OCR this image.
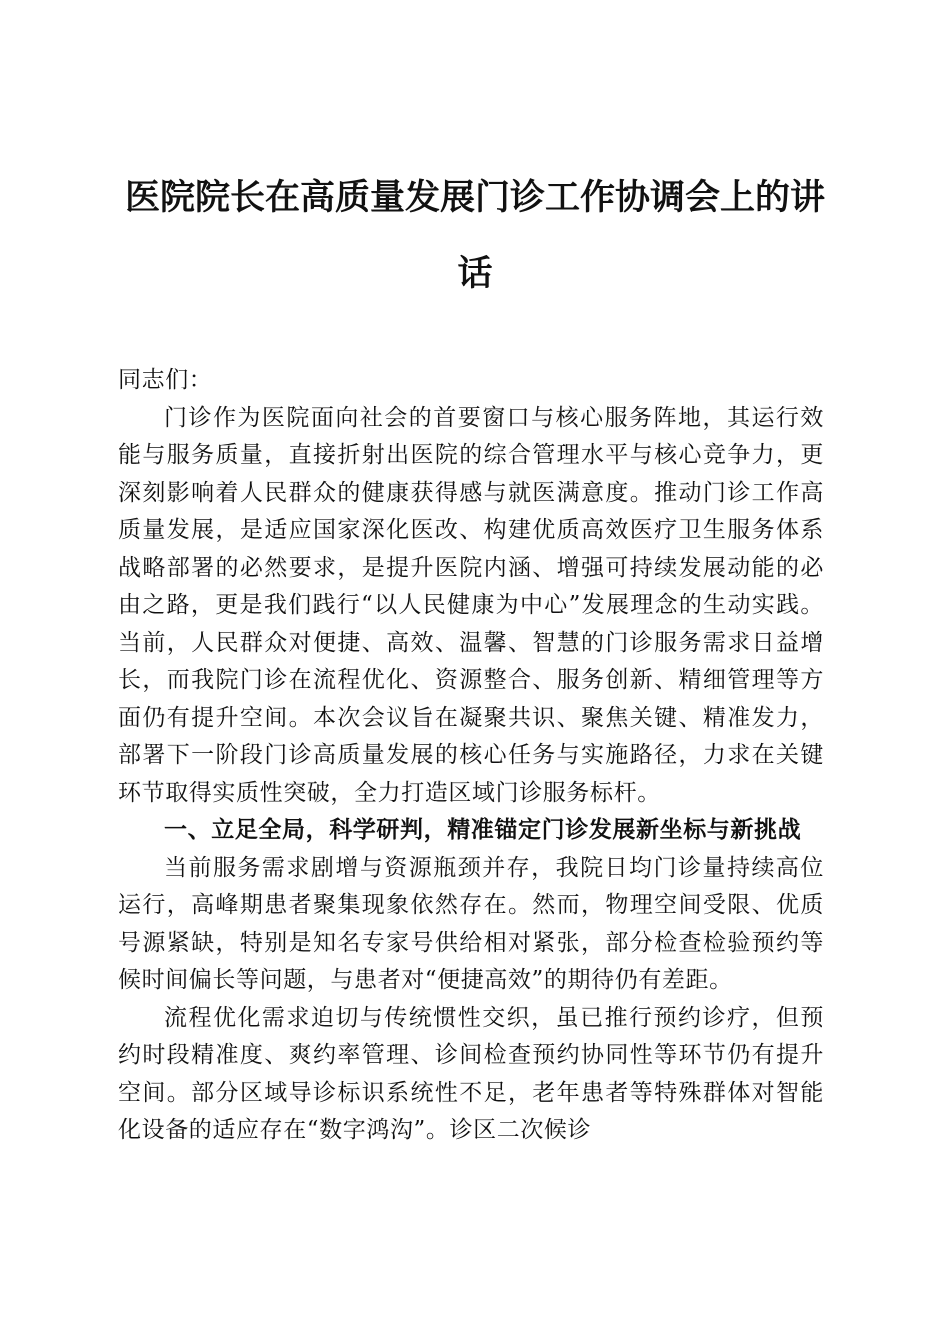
医院院长在高质量发展门诊工作协调会上的讲话

同志们：

门诊作为医院面向社会的首要窗口与核心服务阵地，其运行效能与服务质量，直接折射出医院的综合管理水平与核心竞争力，更深刻影响着人民群众的健康获得感与就医满意度。推动门诊工作高质量发展，是适应国家深化医改、构建优质高效医疗卫生服务体系战略部署的必然要求，是提升医院内涵、增强可持续发展动能的必由之路，更是我们践行“以人民健康为中心”发展理念的生动实践。当前，人民群众对便捷、高效、温馨、智慧的门诊服务需求日益增长，而我院门诊在流程优化、资源整合、服务创新、精细管理等方面仍有提升空间。本次会议旨在凝聚共识、聚焦关键、精准发力，部署下一阶段门诊高质量发展的核心任务与实施路径，力求在关键环节取得实质性突破，全力打造区域门诊服务标杆。

一、立足全局，科学研判，精准锚定门诊发展新坐标与新挑战

当前服务需求剧增与资源瓶颈并存，我院日均门诊量持续高位运行，高峰期患者聚集现象依然存在。然而，物理空间受限、优质号源紧缺，特别是知名专家号供给相对紧张，部分检查检验预约等候时间偏长等问题，与患者对“便捷高效”的期待仍有差距。

流程优化需求迫切与传统惯性交织，虽已推行预约诊疗，但预约时段精准度、爽约率管理、诊间检查预约协同性等环节仍有提升空间。部分区域导诊标识系统性不足，老年患者等特殊群体对智能化设备的适应存在“数字鸿沟”。诊区二次候诊
